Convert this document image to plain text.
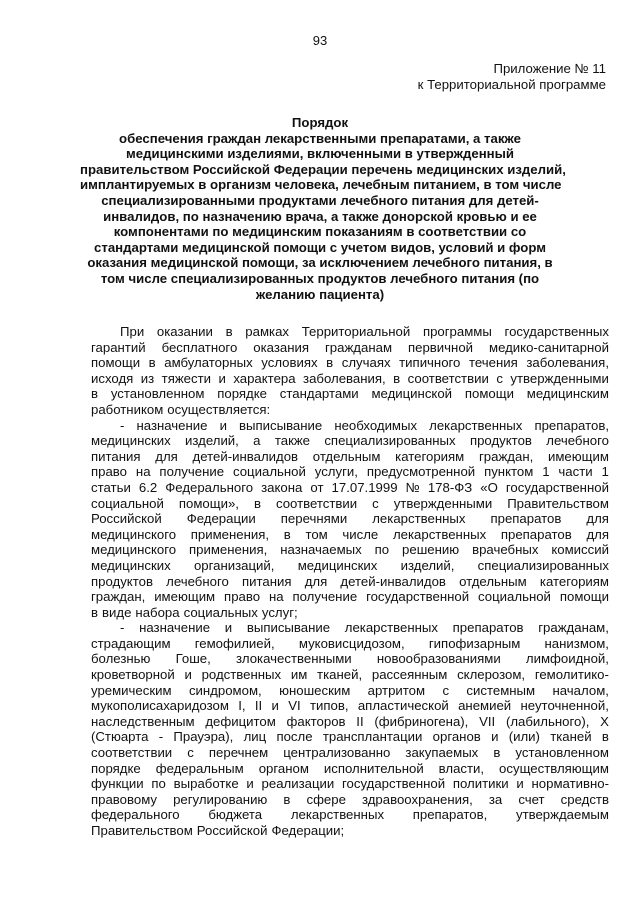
93
Приложение № 11
к Территориальной программе
Порядок
обеспечения граждан лекарственными препаратами, а также
медицинскими изделиями, включенными в утвержденный
правительством Российской Федерации перечень медицинских изделий,
имплантируемых в организм человека, лечебным питанием, в том числе
специализированными продуктами лечебного питания для детей-
инвалидов, по назначению врача, а также донорской кровью и ее
компонентами по медицинским показаниям в соответствии со
стандартами медицинской помощи с учетом видов, условий и форм
оказания медицинской помощи, за исключением лечебного питания, в
том числе специализированных продуктов лечебного питания (по
желанию пациента)
При оказании в рамках Территориальной программы государственных
гарантий бесплатного оказания гражданам первичной медико-санитарной
помощи в амбулаторных условиях в случаях типичного течения заболевания,
исходя из тяжести и характера заболевания, в соответствии с утвержденными
в установленном порядке стандартами медицинской помощи медицинским
работником осуществляется:
- назначение и выписывание необходимых лекарственных препаратов,
медицинских изделий, а также специализированных продуктов лечебного
питания для детей-инвалидов отдельным категориям граждан, имеющим
право на получение социальной услуги, предусмотренной пунктом 1 части 1
статьи 6.2 Федерального закона от 17.07.1999 № 178-ФЗ «О государственной
социальной помощи», в соответствии с утвержденными Правительством
Российской Федерации перечнями лекарственных препаратов для
медицинского применения, в том числе лекарственных препаратов для
медицинского применения, назначаемых по решению врачебных комиссий
медицинских организаций, медицинских изделий, специализированных
продуктов лечебного питания для детей-инвалидов отдельным категориям
граждан, имеющим право на получение государственной социальной помощи
в виде набора социальных услуг;
- назначение и выписывание лекарственных препаратов гражданам,
страдающим гемофилией, муковисцидозом, гипофизарным нанизмом,
болезнью Гоше, злокачественными новообразованиями лимфоидной,
кроветворной и родственных им тканей, рассеянным склерозом, гемолитико-
уремическим синдромом, юношеским артритом с системным началом,
мукополисахаридозом I, II и VI типов, апластической анемией неуточненной,
наследственным дефицитом факторов II (фибриногена), VII (лабильного), X
(Стюарта - Прауэра), лиц после трансплантации органов и (или) тканей в
соответствии с перечнем централизованно закупаемых в установленном
порядке федеральным органом исполнительной власти, осуществляющим
функции по выработке и реализации государственной политики и нормативно-
правовому регулированию в сфере здравоохранения, за счет средств
федерального бюджета лекарственных препаратов, утверждаемым
Правительством Российской Федерации;
